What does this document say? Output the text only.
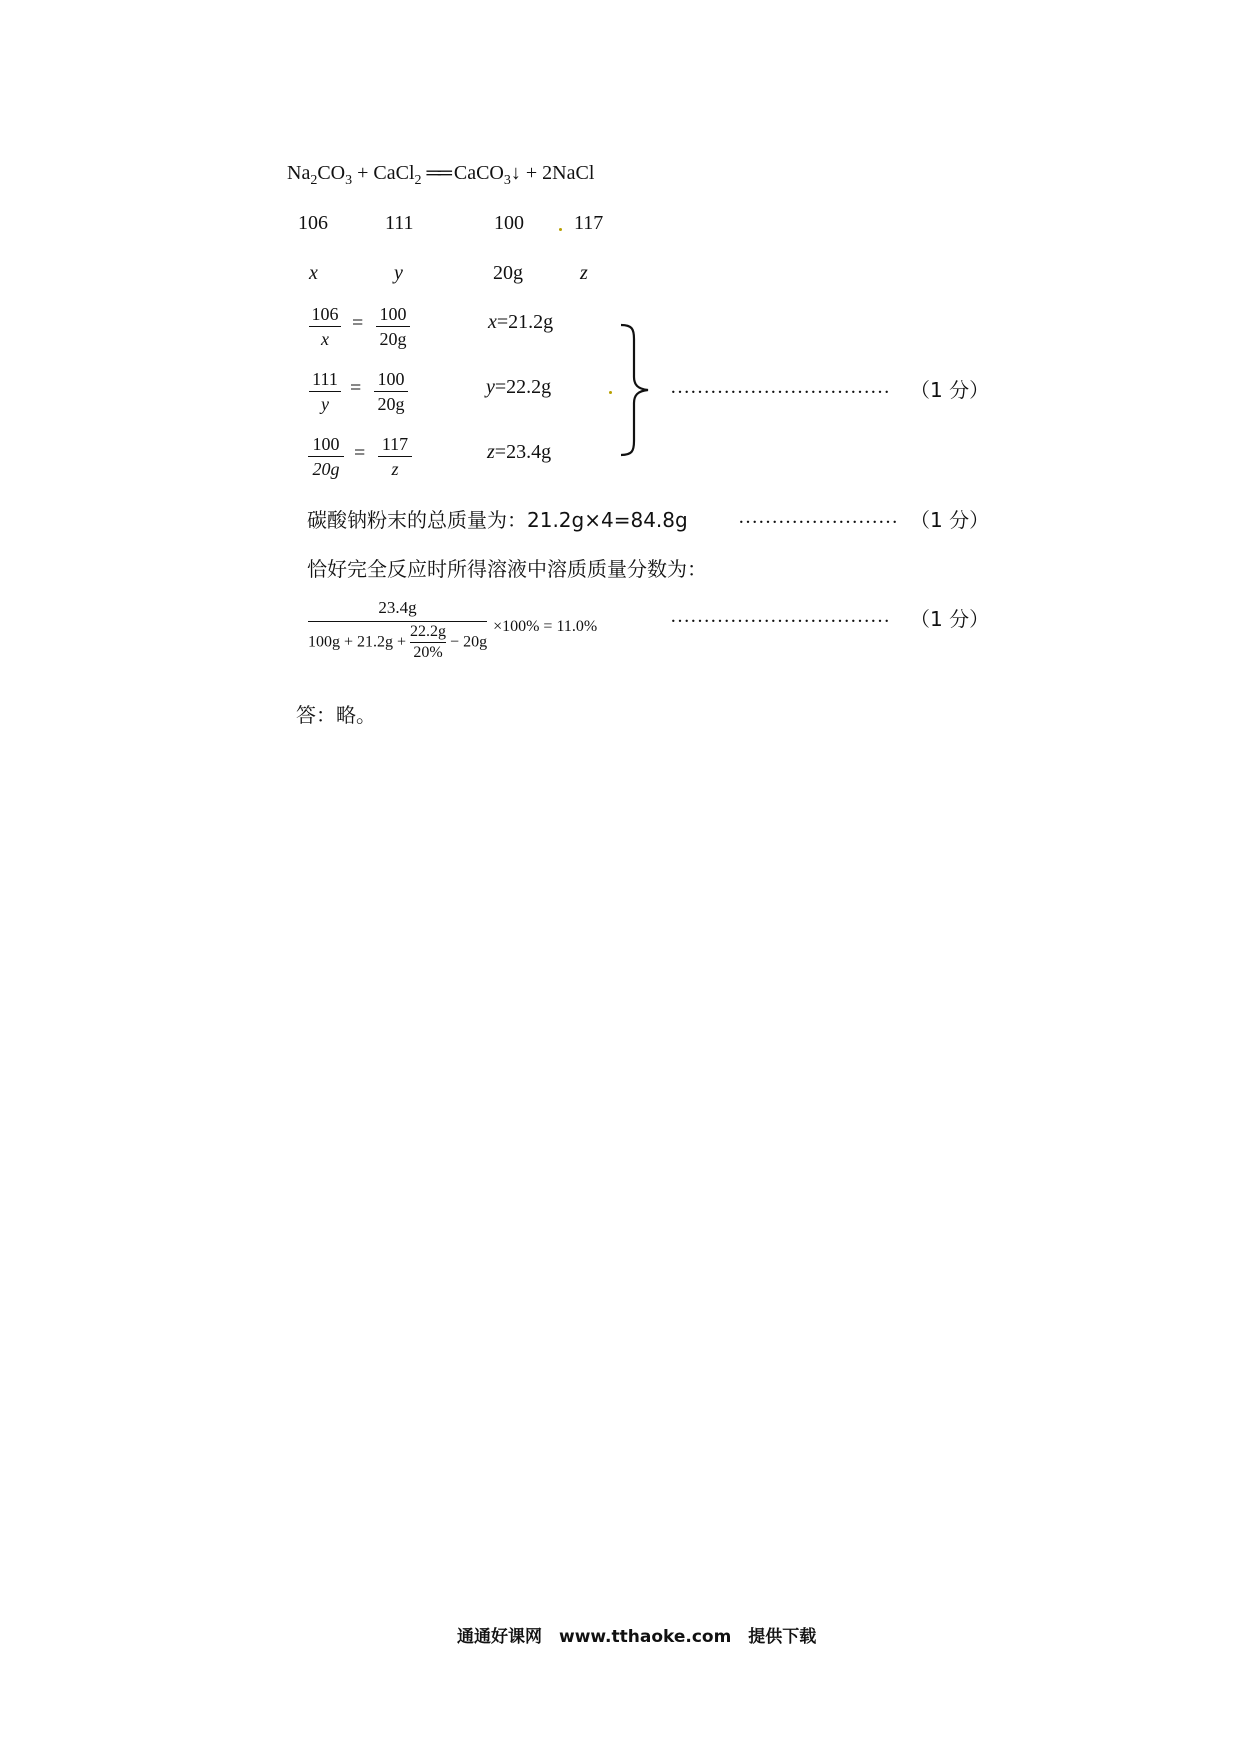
$Na_2CO_3$ + CaCl$_2$ ══ CaCO$_3$↓ + 2NaCl
106	111	100	117
x	y	20g	z
106
x
= 100
20g
x=21.2g
111
y
= 100
20g
y=22.2g
100
20g
= 117
z
z=23.4g
…………………………… （1 分）
碳酸钠粉末的总质量为：21.2g×4=84.8g	…………………… （1 分）
恰好完全反应时所得溶液中溶质质量分数为：
23.4g
$100g + 21.2g + \frac{22.2g}{20\%} - 20g$
×100% = 11.0%	…………………………… （1 分）
答：略。
通通好课网　www.tthaoke.com　提供下载
